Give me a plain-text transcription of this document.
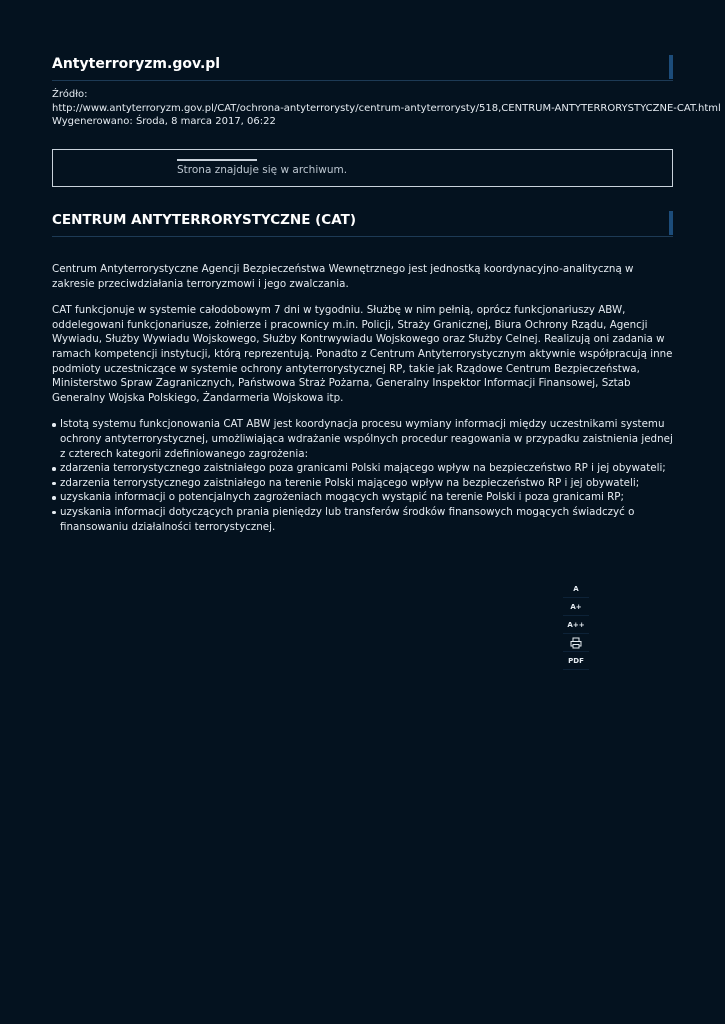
Antyterroryzm.gov.pl
Źródło:
http://www.antyterroryzm.gov.pl/CAT/ochrona-antyterrorysty/centrum-antyterrorysty/518,CENTRUM-ANTYTERRORYSTYCZNE-CAT.html
Wygenerowano: Środa, 8 marca 2017, 06:22
Strona znajduje się w archiwum.
CENTRUM ANTYTERRORYSTYCZNE (CAT)

Centrum Antyterrorystyczne Agencji Bezpieczeństwa Wewnętrznego jest jednostką koordynacyjno-analityczną w zakresie przeciwdziałania terroryzmowi i jego zwalczania.

CAT funkcjonuje w systemie całodobowym 7 dni w tygodniu. Służbę w nim pełnią, oprócz funkcjonariuszy ABW, oddelegowani funkcjonariusze, żołnierze i pracownicy m.in. Policji, Straży Granicznej, Biura Ochrony Rządu, Agencji Wywiadu, Służby Wywiadu Wojskowego, Służby Kontrwywiadu Wojskowego oraz Służby Celnej. Realizują oni zadania w ramach kompetencji instytucji, którą reprezentują. Ponadto z Centrum Antyterrorystycznym aktywnie współpracują inne podmioty uczestniczące w systemie ochrony antyterrorystycznej RP, takie jak Rządowe Centrum Bezpieczeństwa, Ministerstwo Spraw Zagranicznych, Państwowa Straż Pożarna, Generalny Inspektor Informacji Finansowej, Sztab Generalny Wojska Polskiego, Żandarmeria Wojskowa itp.

Istotą systemu funkcjonowania CAT ABW jest koordynacja procesu wymiany informacji między uczestnikami systemu ochrony antyterrorystycznej, umożliwiająca wdrażanie wspólnych procedur reagowania w przypadku zaistnienia jednej z czterech kategorii zdefiniowanego zagrożenia:
zdarzenia terrorystycznego zaistniałego poza granicami Polski mającego wpływ na bezpieczeństwo RP i jej obywateli;
zdarzenia terrorystycznego zaistniałego na terenie Polski mającego wpływ na bezpieczeństwo RP i jej obywateli;
uzyskania informacji o potencjalnych zagrożeniach mogących wystąpić na terenie Polski i poza granicami RP;
uzyskania informacji dotyczących prania pieniędzy lub transferów środków finansowych mogących świadczyć o finansowaniu działalności terrorystycznej.
A
A+
A++
PDF
